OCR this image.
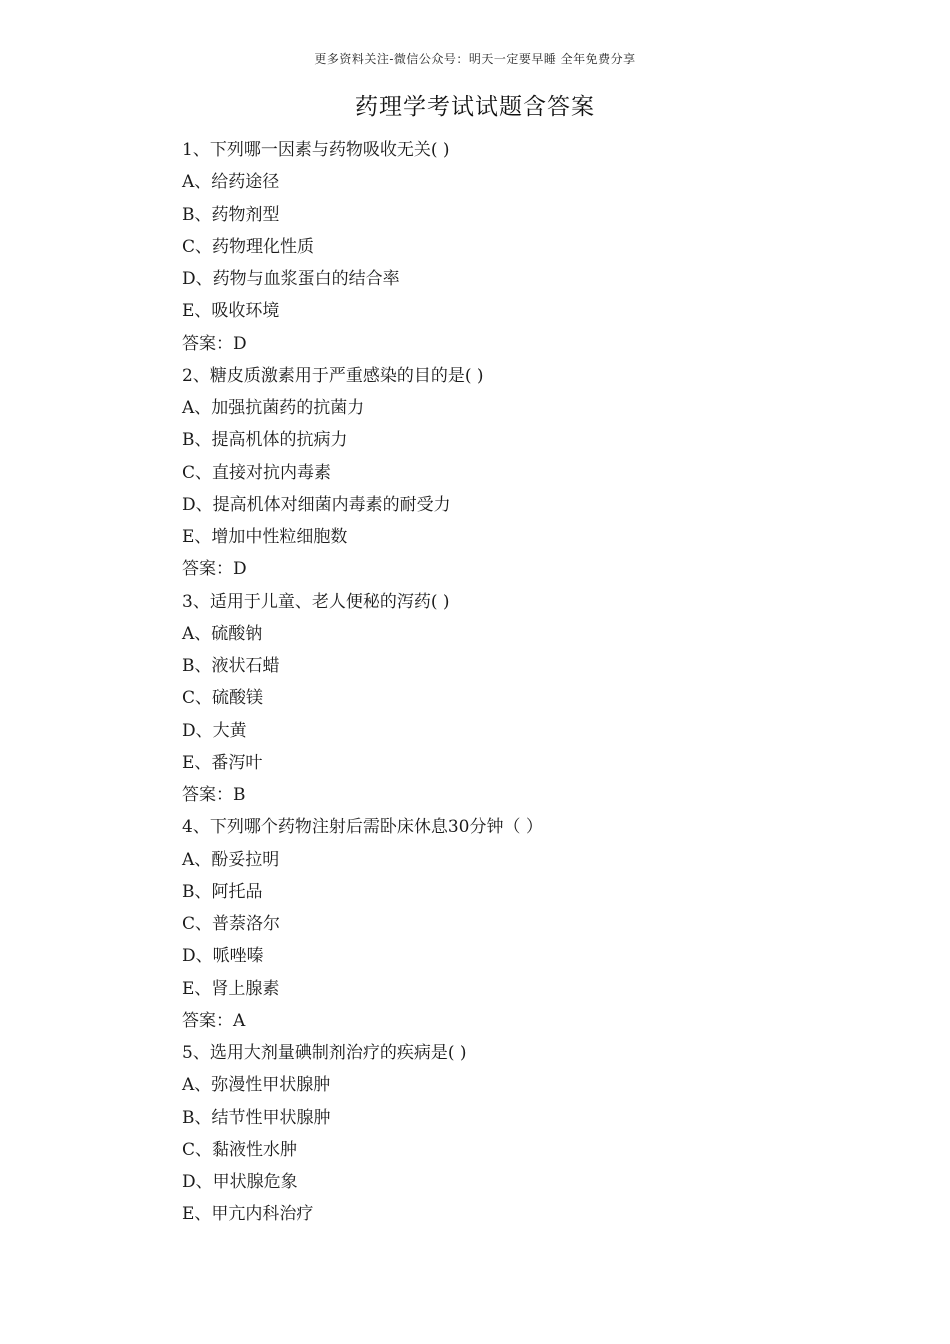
更多资料关注-微信公众号：明天一定要早睡 全年免费分享
药理学考试试题含答案
1、下列哪一因素与药物吸收无关( )
A、给药途径
B、药物剂型
C、药物理化性质
D、药物与血浆蛋白的结合率
E、吸收环境
答案：D
2、糖皮质激素用于严重感染的目的是( )
A、加强抗菌药的抗菌力
B、提高机体的抗病力
C、直接对抗内毒素
D、提高机体对细菌内毒素的耐受力
E、增加中性粒细胞数
答案：D
3、适用于儿童、老人便秘的泻药( )
A、硫酸钠
B、液状石蜡
C、硫酸镁
D、大黄
E、番泻叶
答案：B
4、下列哪个药物注射后需卧床休息30分钟（ ）
A、酚妥拉明
B、阿托品
C、普萘洛尔
D、哌唑嗪
E、肾上腺素
答案：A
5、选用大剂量碘制剂治疗的疾病是( )
A、弥漫性甲状腺肿
B、结节性甲状腺肿
C、黏液性水肿
D、甲状腺危象
E、甲亢内科治疗
